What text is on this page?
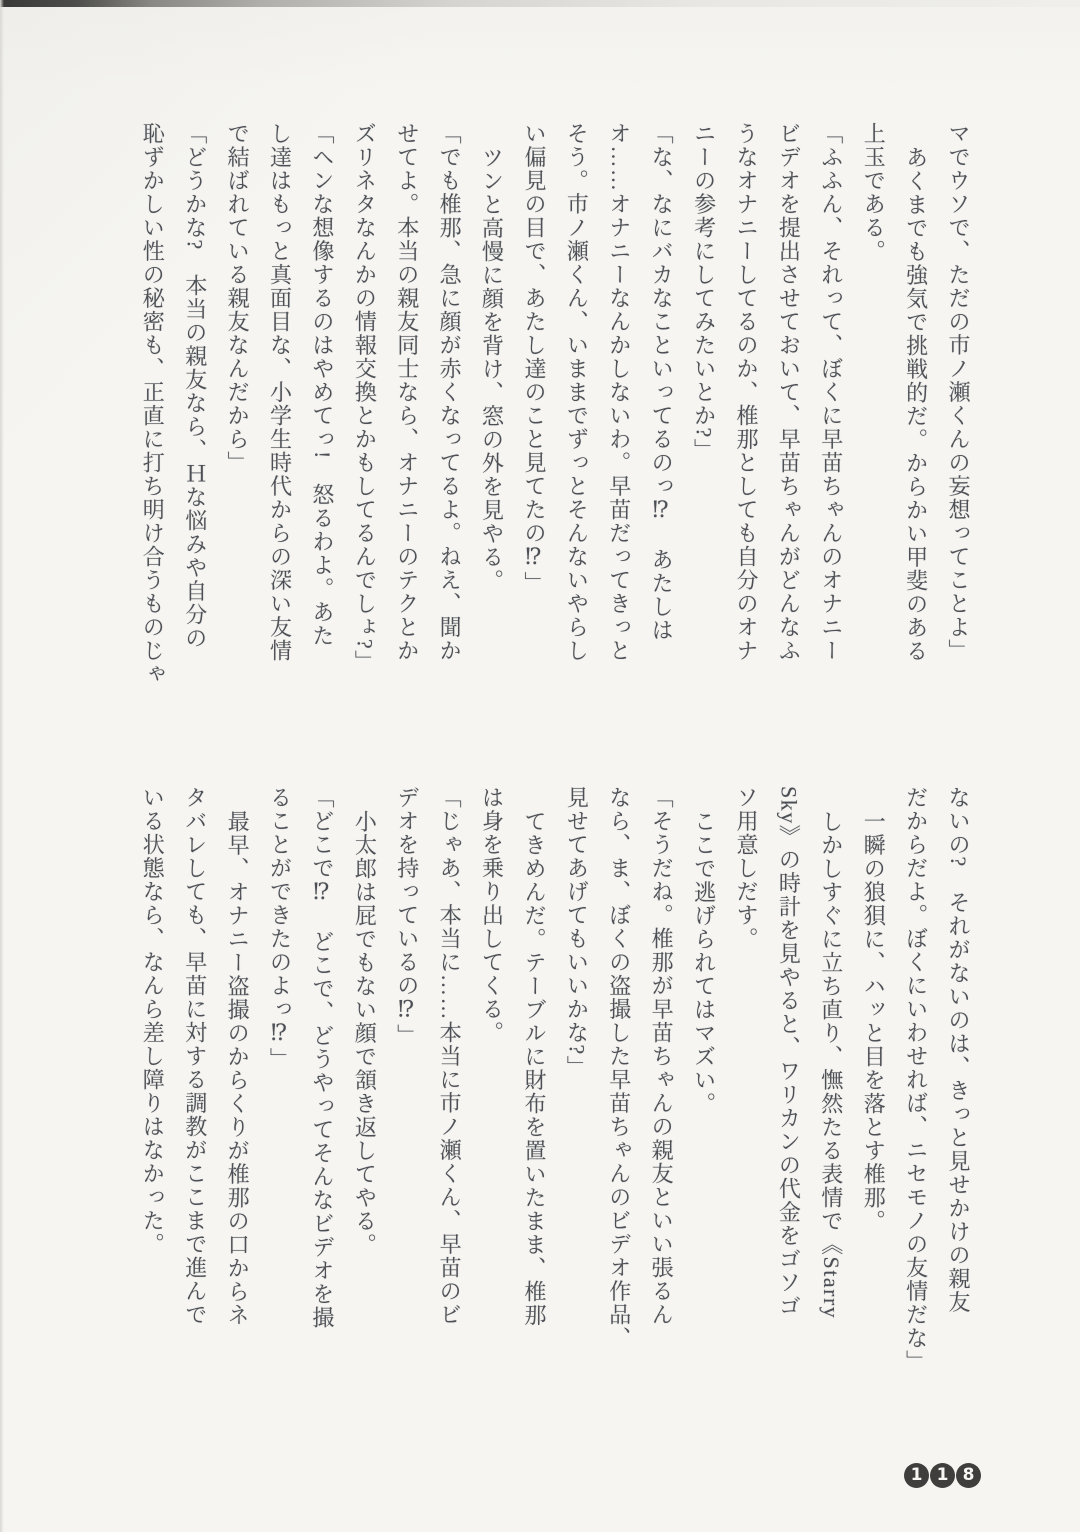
マでウソで、ただの市ノ瀬くんの妄想ってことよ」
あくまでも強気で挑戦的だ。からかい甲斐のある
上玉である。
「ふふん、それって、ぼくに早苗ちゃんのオナニー
ビデオを提出させておいて、早苗ちゃんがどんなふ
うなオナニーしてるのか、椎那としても自分のオナ
ニーの参考にしてみたいとか?」
「な、なにバカなこといってるのっ⁉　あたしは
オ……オナニーなんかしないわ。早苗だってきっと
そう。市ノ瀬くん、いままでずっとそんないやらし
い偏見の目で、あたし達のこと見てたの⁉」
ツンと高慢に顔を背け、窓の外を見やる。
「でも椎那、急に顔が赤くなってるよ。ねえ、聞か
せてよ。本当の親友同士なら、オナニーのテクとか
ズリネタなんかの情報交換とかもしてるんでしょ?」
「ヘンな想像するのはやめてっ!　怒るわよ。あた
し達はもっと真面目な、小学生時代からの深い友情
で結ばれている親友なんだから」
「どうかな?　本当の親友なら、Ｈな悩みや自分の
恥ずかしい性の秘密も、正直に打ち明け合うものじゃ
ないの?　それがないのは、きっと見せかけの親友
だからだよ。ぼくにいわせれば、ニセモノの友情だな」
一瞬の狼狽に、ハッと目を落とす椎那。
しかしすぐに立ち直り、憮然たる表情で《Starry
Sky》の時計を見やると、ワリカンの代金をゴソゴ
ソ用意しだす。
ここで逃げられてはマズい。
「そうだね。椎那が早苗ちゃんの親友といい張るん
なら、ま、ぼくの盗撮した早苗ちゃんのビデオ作品、
見せてあげてもいいかな?」
てきめんだ。テーブルに財布を置いたまま、椎那
は身を乗り出してくる。
「じゃあ、本当に……本当に市ノ瀬くん、早苗のビ
デオを持っているの⁉」
小太郎は屁でもない顔で頷き返してやる。
「どこで⁉　どこで、どうやってそんなビデオを撮
ることができたのよっ⁉」
最早、オナニー盗撮のからくりが椎那の口からネ
タバレしても、早苗に対する調教がここまで進んで
いる状態なら、なんら差し障りはなかった。
1 1 8
